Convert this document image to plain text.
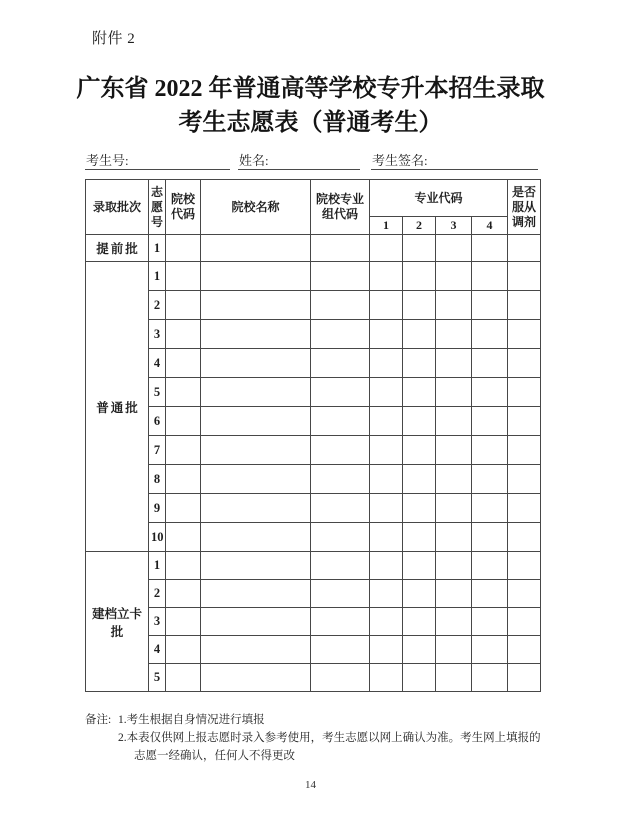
附件 2
广东省 2022 年普通高等学校专升本招生录取
考生志愿表（普通考生）
考生号:	姓名:	考生签名:
录取批次	志愿号	院校代码	院校名称	院校专业组代码	专业代码				是否服从调剂
					1	2	3	4	
提前批	1								
普通批	1								
	2								
	3								
	4								
	5								
	6								
	7								
	8								
	9								
	10								
建档立卡批	1								
	2								
	3								
	4								
	5								
备注: 1.考生根据自身情况进行填报
2.本表仅供网上报志愿时录入参考使用，考生志愿以网上确认为准。考生网上填报的志愿一经确认，任何人不得更改
14
